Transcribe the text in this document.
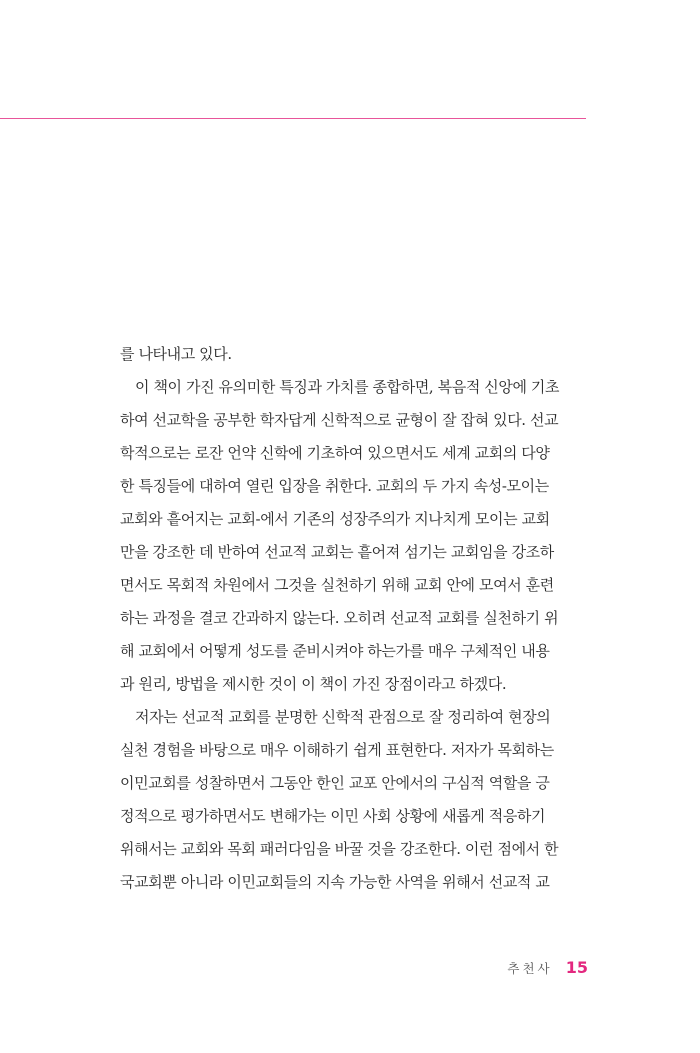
를 나타내고 있다.
이 책이 가진 유의미한 특징과 가치를 종합하면, 복음적 신앙에 기초
하여 선교학을 공부한 학자답게 신학적으로 균형이 잘 잡혀 있다. 선교
학적으로는 로잔 언약 신학에 기초하여 있으면서도 세계 교회의 다양
한 특징들에 대하여 열린 입장을 취한다. 교회의 두 가지 속성-모이는
교회와 흩어지는 교회-에서 기존의 성장주의가 지나치게 모이는 교회
만을 강조한 데 반하여 선교적 교회는 흩어져 섬기는 교회임을 강조하
면서도 목회적 차원에서 그것을 실천하기 위해 교회 안에 모여서 훈련
하는 과정을 결코 간과하지 않는다. 오히려 선교적 교회를 실천하기 위
해 교회에서 어떻게 성도를 준비시켜야 하는가를 매우 구체적인 내용
과 원리, 방법을 제시한 것이 이 책이 가진 장점이라고 하겠다.
저자는 선교적 교회를 분명한 신학적 관점으로 잘 정리하여 현장의
실천 경험을 바탕으로 매우 이해하기 쉽게 표현한다. 저자가 목회하는
이민교회를 성찰하면서 그동안 한인 교포 안에서의 구심적 역할을 긍
정적으로 평가하면서도 변해가는 이민 사회 상황에 새롭게 적응하기
위해서는 교회와 목회 패러다임을 바꿀 것을 강조한다. 이런 점에서 한
국교회뿐 아니라 이민교회들의 지속 가능한 사역을 위해서 선교적 교
추천사 15
